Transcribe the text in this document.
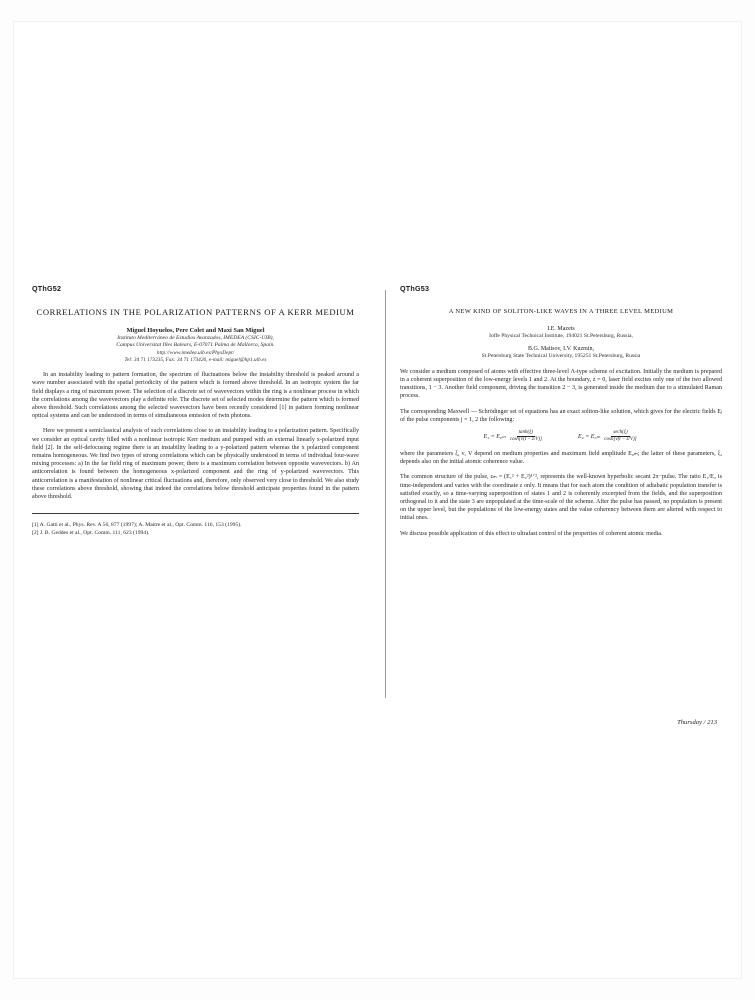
QThG52
CORRELATIONS IN THE POLARIZATION PATTERNS OF A KERR MEDIUM

Miguel Hoyuelos, Pere Colet and Maxi San Miguel

Instituto Mediterráneo de Estudios Avanzados, IMEDEA (CSIC-UIB),

Campus Universitat Illes Balears, E-07071 Palma de Mallorca, Spain.

http://www.imedea.uib.es/PhysDept/

Tel: 34 71 173235, Fax: 34 71 173426, e-mail: miguel@hp1.uib.es

In an instability leading to pattern formation, the spectrum of fluctuations below the instability threshold is peaked around a wave number associated with the spatial periodicity of the pattern which is formed above threshold. In an isotropic system the far field displays a ring of maximum power. The selection of a discrete set of wavevectors within the ring is a nonlinear process in which the correlations among the wavevectors play a definite role. The discrete set of selected modes determine the pattern which is formed above threshold. Such correlations among the selected wavevectors have been recently considered [1] in pattern forming nonlinear optical systems and can be understood in terms of simultaneous emission of twin photons.

Here we present a semiclassical analysis of such correlations close to an instability leading to a polarization pattern. Specifically we consider an optical cavity filled with a nonlinear isotropic Kerr medium and pumped with an external linearly x-polarized input field [2]. In the self-defocusing regime there is an instability leading to a y-polarized pattern whereas the x polarized component remains homogeneous. We find two types of strong correlations which can be physically understood in terms of individual four-wave mixing processes: a) In the far field ring of maximum power, there is a maximum correlation between opposite wavevectors. b) An anticorrelation is found between the homogeneous x-polarized component and the ring of y-polarized wavevectors. This anticorrelation is a manifestation of nonlinear critical fluctuations and, therefore, only observed very close to threshold. We also study these correlations above threshold, showing that indeed the correlations below threshold anticipate properties found in the pattern above threshold.

[1] A. Gatti et al., Phys. Rev. A 56, 877 (1997); A. Maitre et al., Opt. Comm. 116, 153 (1995).

[2] J. B. Geddes et al., Opt. Comm. 111, 623 (1994).

QThG53
A NEW KIND OF SOLITON-LIKE WAVES IN A THREE LEVEL MEDIUM

I.E. Mazets

Ioffe Physical Technical Institute, 194021 St.Petersburg, Russia,

B.G. Matisov, I.V. Kuzmin,

St.Petersburg State Technical University, 195251 St.Petersburg, Russia

We consider a medium composed of atoms with effective three-level Λ-type scheme of excitation. Initially the medium is prepared in a coherent superposition of the low-energy levels 1 and 2. At the boundary, z = 0, laser field excites only one of the two allowed transitions, 1 − 3. Another field component, driving the transition 2 − 3, is generated inside the medium due to a stimulated Raman process.

The corresponding Maxwell — Schrödinger set of equations has an exact soliton-like solution, which gives for the electric fields Eⱼ of the pulse components j = 1, 2 the following:

$E_1 = E_{0m} \frac{\tanh(\xi)}{\cosh[\nu(t - z/V)]}$	$E_2 = E_{0m} \frac{\sec h(\xi)}{\cosh[\nu(t - z/V)]}$

where the parameters ξ, ν, V depend on medium properties and maximum field amplitude E₀ₘ; the latter of these parameters, ξ, depends also on the initial atomic coherence value.

The common structure of the pulse, εₘ = (E₁² + E₂²)¹ᐟ², represents the well-known hyperbolic secant 2π−pulse. The ratio E₁/E₂ is time-independent and varies with the coordinate z only. It means that for each atom the condition of adiabatic population transfer is satisfied exactly, so a time-varying superposition of states 1 and 2 is coherently excerpted from the fields, and the superposition orthogonal to it and the state 3 are unpopulated at the time-scale of the scheme. After the pulse has passed, no population is present on the upper level, but the populations of the low-energy states and the value coherency between them are altered with respect to initial ones.

We discuss possible application of this effect to ultrafast control of the properties of coherent atomic media.

Thursday / 213
